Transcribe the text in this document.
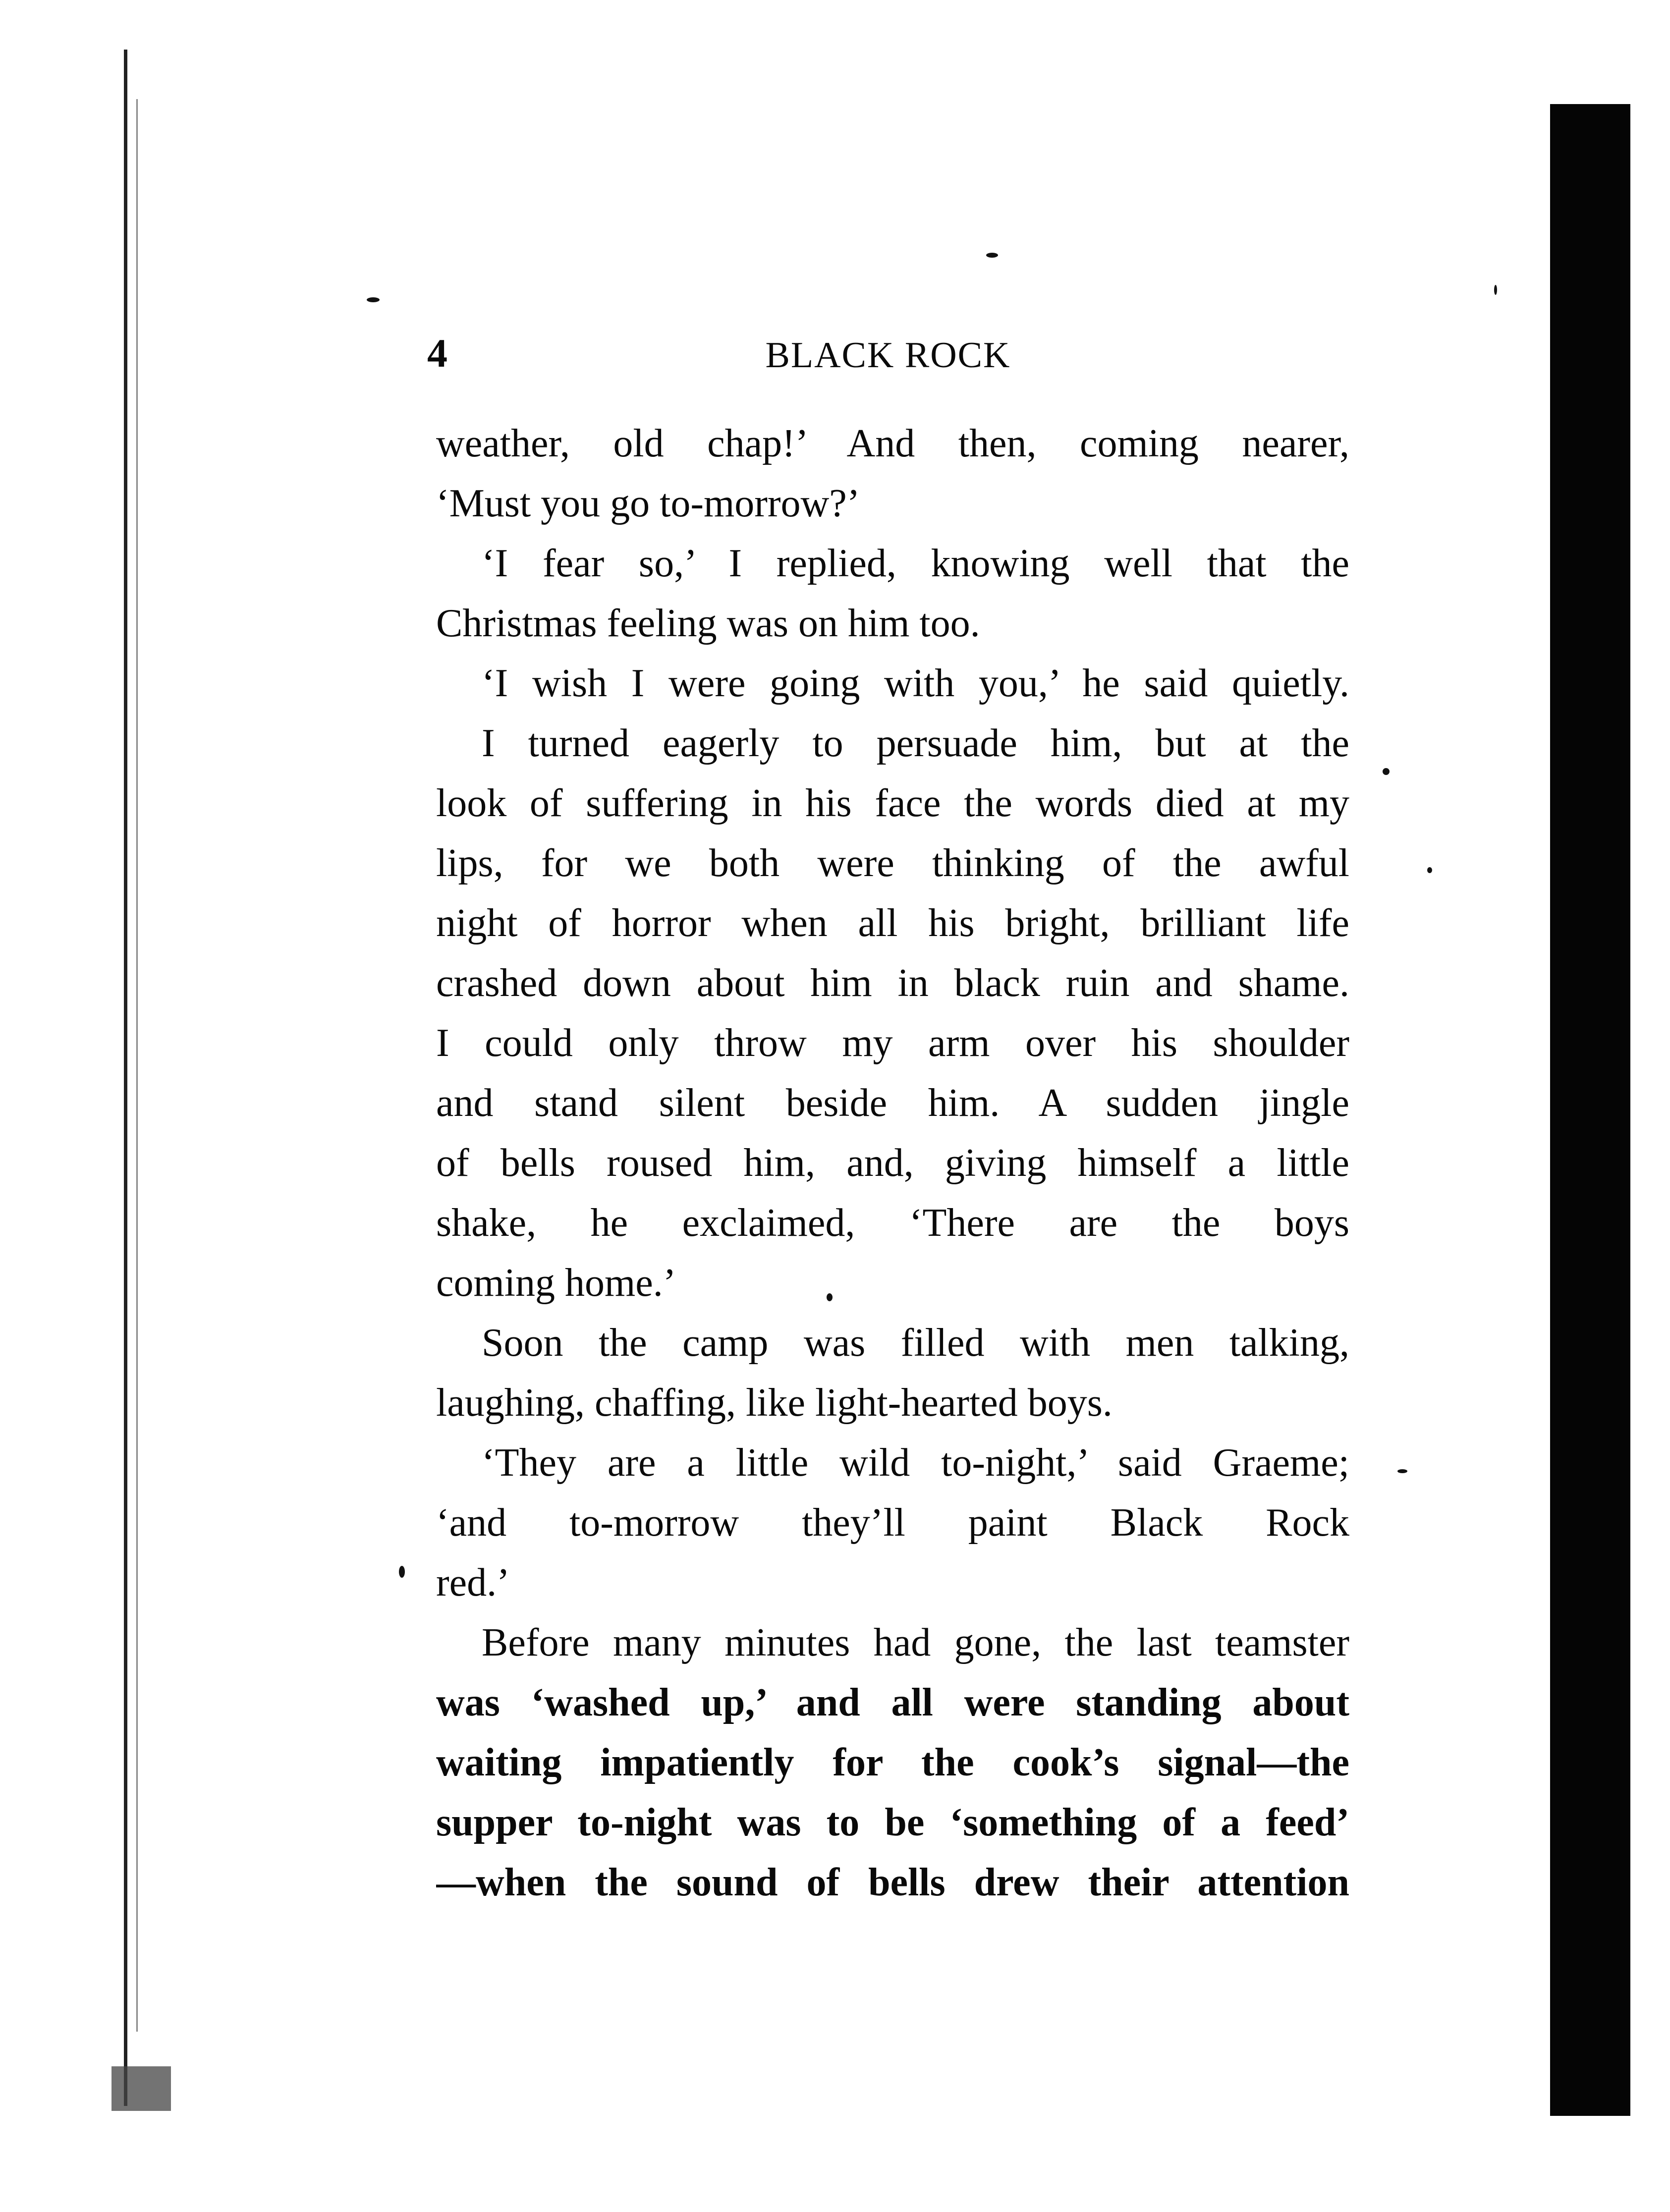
4	BLACK ROCK
weather, old chap!’ And then, coming nearer,
‘Must you go to-morrow?’
‘I fear so,’ I replied, knowing well that the
Christmas feeling was on him too.
‘I wish I were going with you,’ he said quietly.
I turned eagerly to persuade him, but at the
look of suffering in his face the words died at my
lips, for we both were thinking of the awful
night of horror when all his bright, brilliant life
crashed down about him in black ruin and shame.
I could only throw my arm over his shoulder
and stand silent beside him. A sudden jingle
of bells roused him, and, giving himself a little
shake, he exclaimed, ‘There are the boys
coming home.’
Soon the camp was filled with men talking,
laughing, chaffing, like light-hearted boys.
‘They are a little wild to-night,’ said Graeme;
‘and to-morrow they’ll paint Black Rock
red.’
Before many minutes had gone, the last teamster
was ‘washed up,’ and all were standing about
waiting impatiently for the cook’s signal—the
supper to-night was to be ‘something of a feed’
—when the sound of bells drew their attention
